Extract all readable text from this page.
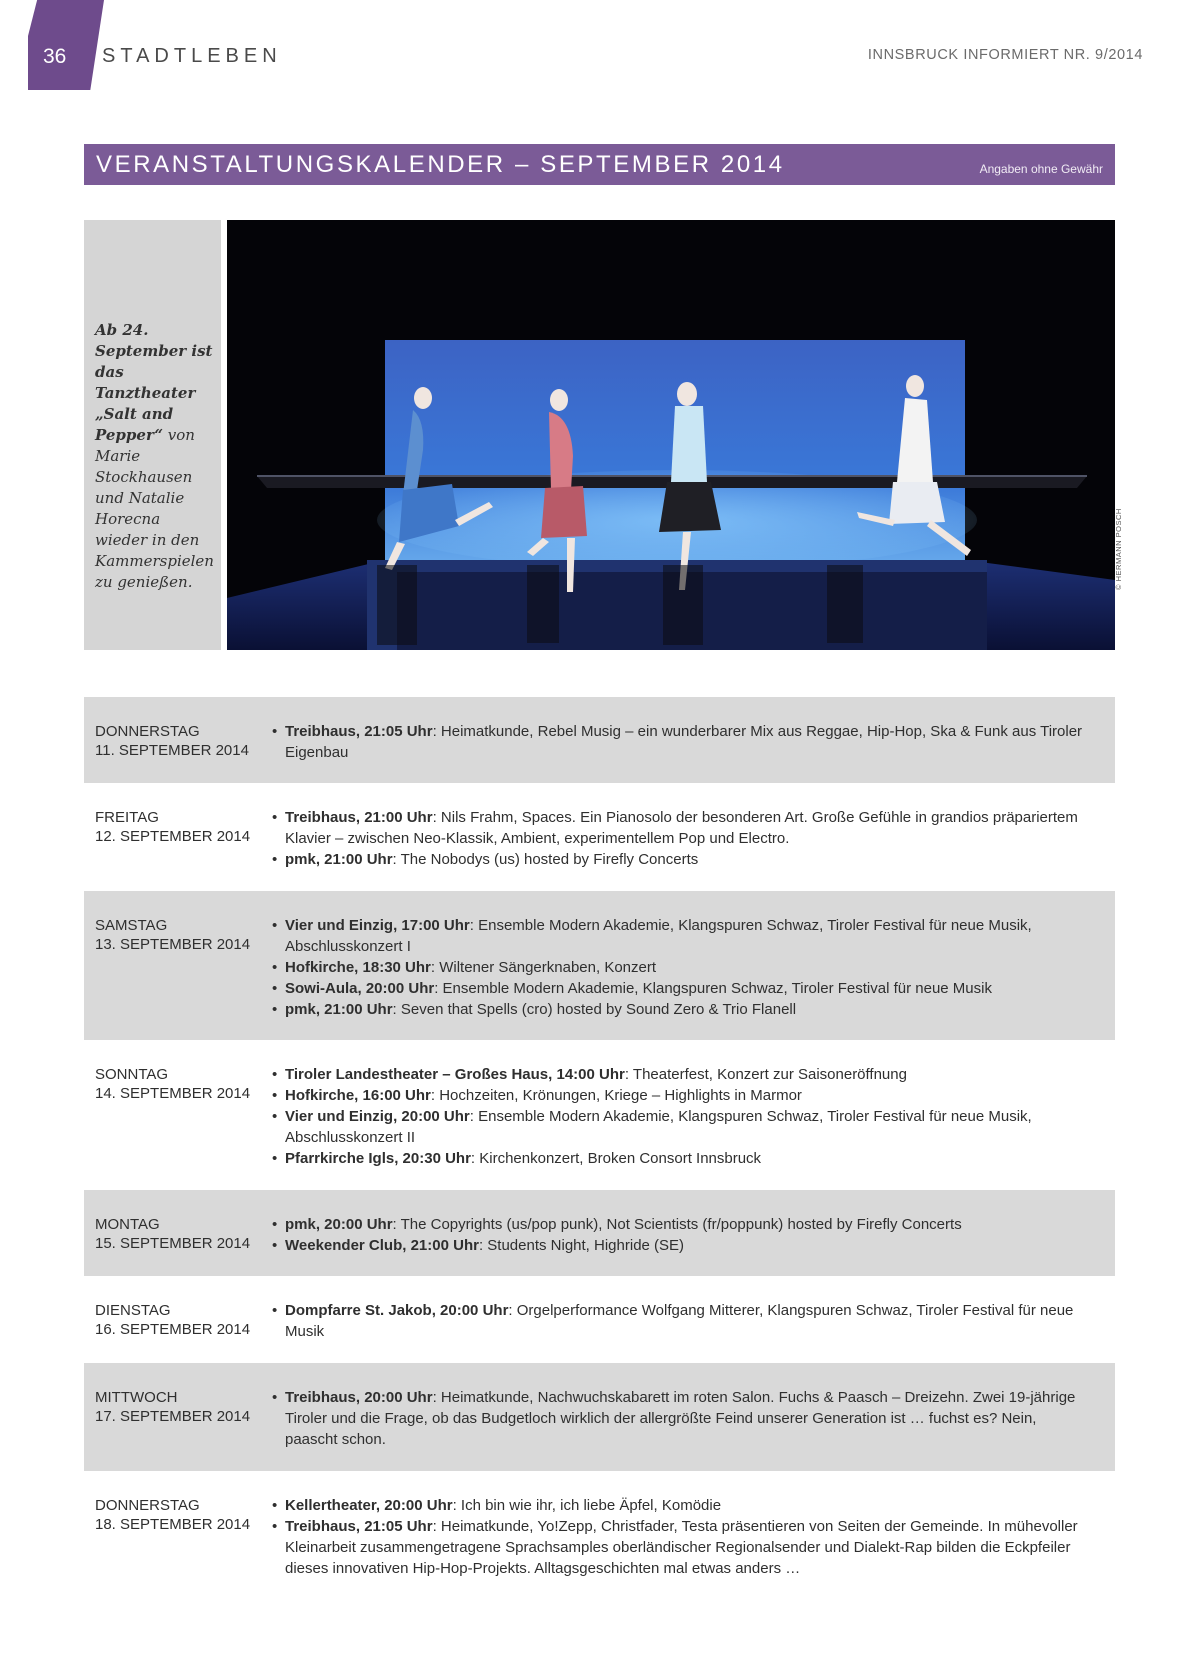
36 STADTLEBEN	INNSBRUCK INFORMIERT NR. 9/2014
VERANSTALTUNGSKALENDER – SEPTEMBER 2014	Angaben ohne Gewähr
Ab 24. September ist das Tanztheater „Salt and Pepper“ von Marie Stockhausen und Natalie Horecna wieder in den Kammerspielen zu genießen.	© HERMANN POSCH
DONNERSTAG
11. SEPTEMBER 2014
• Treibhaus, 21:05 Uhr: Heimatkunde, Rebel Musig – ein wunderbarer Mix aus Reggae, Hip-Hop, Ska & Funk aus Tiroler Eigenbau
FREITAG
12. SEPTEMBER 2014
• Treibhaus, 21:00 Uhr: Nils Frahm, Spaces. Ein Pianosolo der besonderen Art. Große Gefühle in grandios präpariertem Klavier – zwischen Neo-Klassik, Ambient, experimentellem Pop und Electro.
• pmk, 21:00 Uhr: The Nobodys (us) hosted by Firefly Concerts
SAMSTAG
13. SEPTEMBER 2014
• Vier und Einzig, 17:00 Uhr: Ensemble Modern Akademie, Klangspuren Schwaz, Tiroler Festival für neue Musik, Abschlusskonzert I
• Hofkirche, 18:30 Uhr: Wiltener Sängerknaben, Konzert
• Sowi-Aula, 20:00 Uhr: Ensemble Modern Akademie, Klangspuren Schwaz, Tiroler Festival für neue Musik
• pmk, 21:00 Uhr: Seven that Spells (cro) hosted by Sound Zero & Trio Flanell
SONNTAG
14. SEPTEMBER 2014
• Tiroler Landestheater – Großes Haus, 14:00 Uhr: Theaterfest, Konzert zur Saisoneröffnung
• Hofkirche, 16:00 Uhr: Hochzeiten, Krönungen, Kriege – Highlights in Marmor
• Vier und Einzig, 20:00 Uhr: Ensemble Modern Akademie, Klangspuren Schwaz, Tiroler Festival für neue Musik, Abschlusskonzert II
• Pfarrkirche Igls, 20:30 Uhr: Kirchenkonzert, Broken Consort Innsbruck
MONTAG
15. SEPTEMBER 2014
• pmk, 20:00 Uhr: The Copyrights (us/pop punk), Not Scientists (fr/poppunk) hosted by Firefly Concerts
• Weekender Club, 21:00 Uhr: Students Night, Highride (SE)
DIENSTAG
16. SEPTEMBER 2014
• Dompfarre St. Jakob, 20:00 Uhr: Orgelperformance Wolfgang Mitterer, Klangspuren Schwaz, Tiroler Festival für neue Musik
MITTWOCH
17. SEPTEMBER 2014
• Treibhaus, 20:00 Uhr: Heimatkunde, Nachwuchskabarett im roten Salon. Fuchs & Paasch – Dreizehn. Zwei 19-jährige Tiroler und die Frage, ob das Budgetloch wirklich der allergrößte Feind unserer Generation ist … fuchst es? Nein, paascht schon.
DONNERSTAG
18. SEPTEMBER 2014
• Kellertheater, 20:00 Uhr: Ich bin wie ihr, ich liebe Äpfel, Komödie
• Treibhaus, 21:05 Uhr: Heimatkunde, Yo!Zepp, Christfader, Testa präsentieren von Seiten der Gemeinde. In mühevoller Kleinarbeit zusammengetragene Sprachsamples oberländischer Regionalsender und Dialekt-Rap bilden die Eckpfeiler dieses innovativen Hip-Hop-Projekts. Alltagsgeschichten mal etwas anders …
